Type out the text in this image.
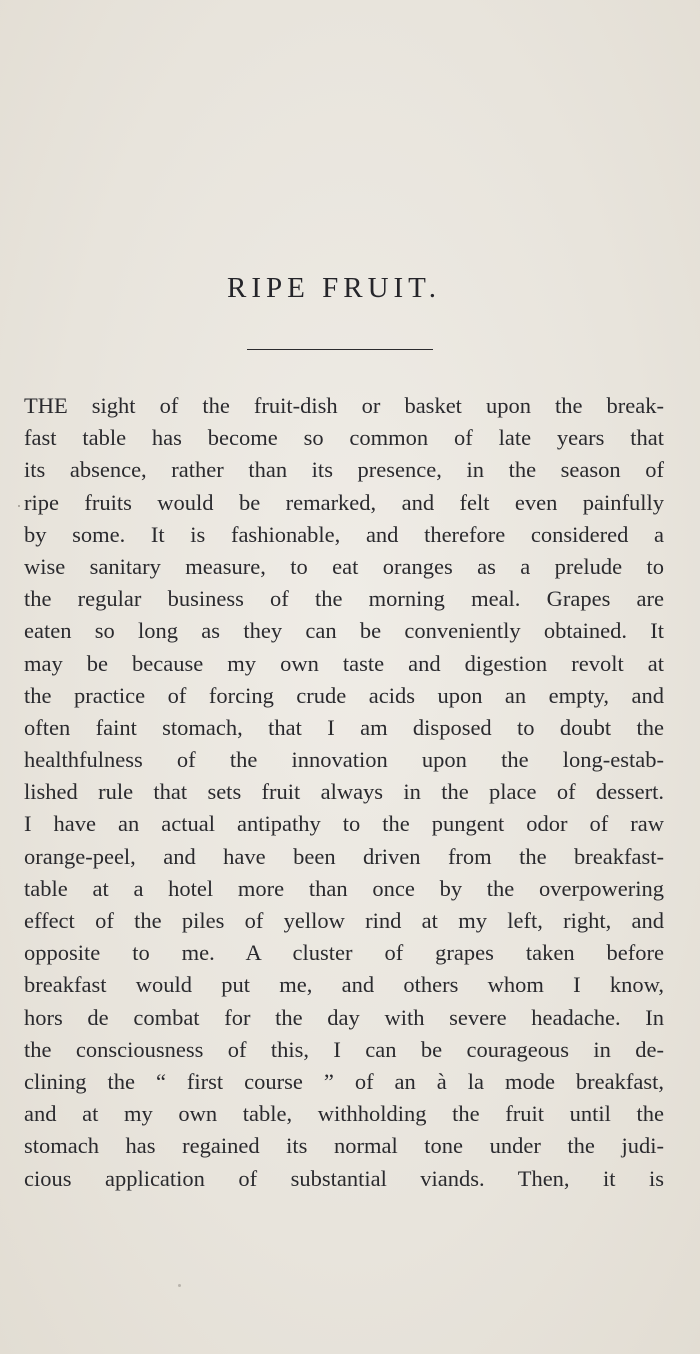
RIPE FRUIT.
THE sight of the fruit-dish or basket upon the break-
fast table has become so common of late years that
its absence, rather than its presence, in the season of
ripe fruits would be remarked, and felt even painfully
by some. It is fashionable, and therefore considered a
wise sanitary measure, to eat oranges as a prelude to
the regular business of the morning meal. Grapes are
eaten so long as they can be conveniently obtained. It
may be because my own taste and digestion revolt at
the practice of forcing crude acids upon an empty, and
often faint stomach, that I am disposed to doubt the
healthfulness of the innovation upon the long-estab-
lished rule that sets fruit always in the place of dessert.
I have an actual antipathy to the pungent odor of raw
orange-peel, and have been driven from the breakfast-
table at a hotel more than once by the overpowering
effect of the piles of yellow rind at my left, right, and
opposite to me. A cluster of grapes taken before
breakfast would put me, and others whom I know,
hors de combat for the day with severe headache. In
the consciousness of this, I can be courageous in de-
clining the “ first course ” of an à la mode breakfast,
and at my own table, withholding the fruit until the
stomach has regained its normal tone under the judi-
cious application of substantial viands. Then, it is
